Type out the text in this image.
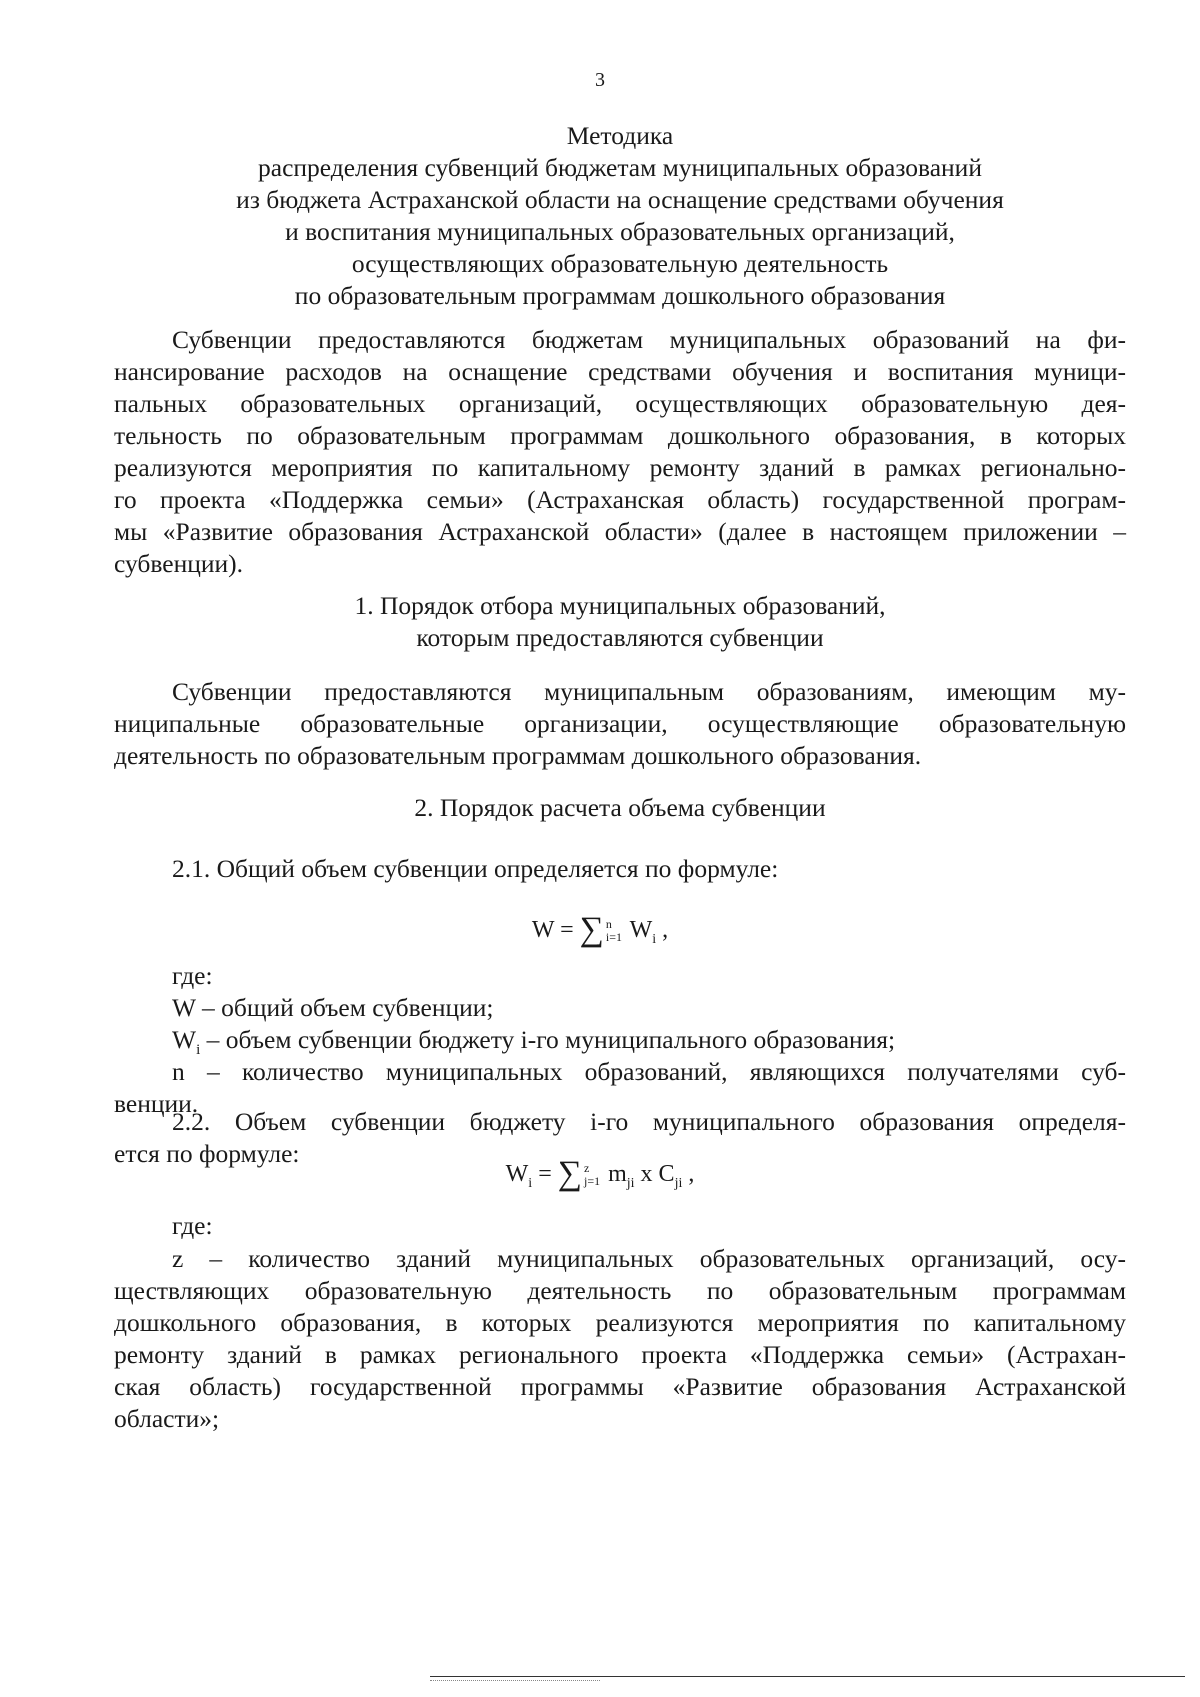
3
Методика
распределения субвенций бюджетам муниципальных образований
из бюджета Астраханской области на оснащение средствами обучения
и воспитания муниципальных образовательных организаций,
осуществляющих образовательную деятельность
по образовательным программам дошкольного образования
Субвенции предоставляются бюджетам муниципальных образований на фи-
нансирование расходов на оснащение средствами обучения и воспитания муници-
пальных образовательных организаций, осуществляющих образовательную дея-
тельность по образовательным программам дошкольного образования, в которых
реализуются мероприятия по капитальному ремонту зданий в рамках регионально-
го проекта «Поддержка семьи» (Астраханская область) государственной програм-
мы «Развитие образования Астраханской области» (далее в настоящем приложении –
субвенции).
1. Порядок отбора муниципальных образований,
которым предоставляются субвенции
Субвенции предоставляются муниципальным образованиям, имеющим му-
ниципальные образовательные организации, осуществляющие образовательную
деятельность по образовательным программам дошкольного образования.
2. Порядок расчета объема субвенции
2.1. Общий объем субвенции определяется по формуле:
W = ∑ n
i=1 $W_i$ ,
где:
W – общий объем субвенции;
$W_i$ – объем субвенции бюджету i-го муниципального образования;
n – количество муниципальных образований, являющихся получателями суб-
венции.
2.2. Объем субвенции бюджету i-го муниципального образования определя-
ется по формуле:
$W_i$ = ∑ z
j=1 $m_{ji}$ x $C_{ji}$ ,
где:
z – количество зданий муниципальных образовательных организаций, осу-
ществляющих образовательную деятельность по образовательным программам
дошкольного образования, в которых реализуются мероприятия по капитальному
ремонту зданий в рамках регионального проекта «Поддержка семьи» (Астрахан-
ская область) государственной программы «Развитие образования Астраханской
области»;
